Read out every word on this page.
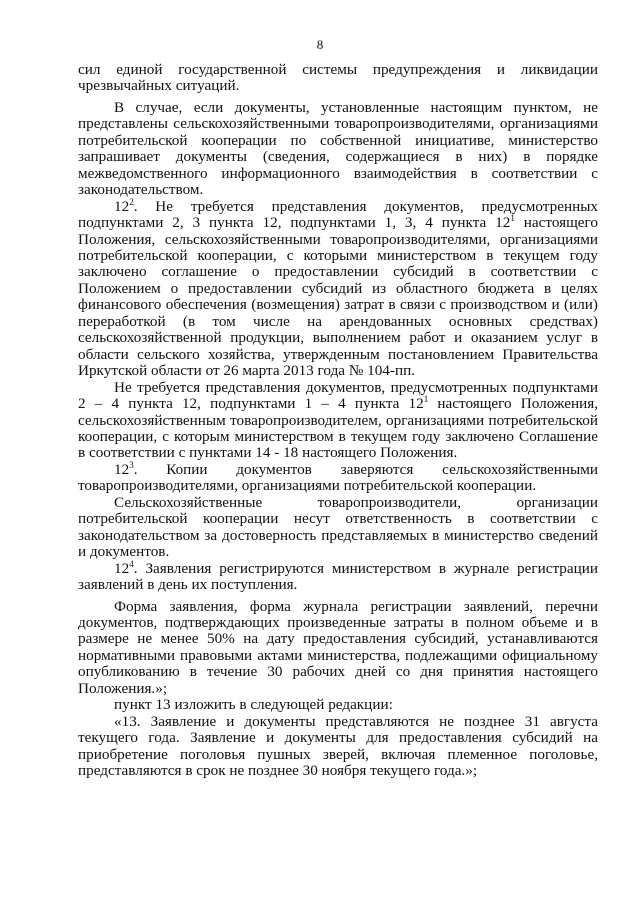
8

сил единой государственной системы предупреждения и ликвидации чрезвычайных ситуаций.

В случае, если документы, установленные настоящим пунктом, не представлены сельскохозяйственными товаропроизводителями, организациями потребительской кооперации по собственной инициативе, министерство запрашивает документы (сведения, содержащиеся в них) в порядке межведомственного информационного взаимодействия в соответствии с законодательством.

$12^2$. Не требуется представления документов, предусмотренных подпунктами 2, 3 пункта 12, подпунктами 1, 3, 4 пункта $12^1$ настоящего Положения, сельскохозяйственными товаропроизводителями, организациями потребительской кооперации, с которыми министерством в текущем году заключено соглашение о предоставлении субсидий в соответствии с Положением о предоставлении субсидий из областного бюджета в целях финансового обеспечения (возмещения) затрат в связи с производством и (или) переработкой (в том числе на арендованных основных средствах) сельскохозяйственной продукции, выполнением работ и оказанием услуг в области сельского хозяйства, утвержденным постановлением Правительства Иркутской области от 26 марта 2013 года № 104-пп.

Не требуется представления документов, предусмотренных подпунктами 2 – 4 пункта 12, подпунктами 1 – 4 пункта $12^1$ настоящего Положения, сельскохозяйственным товаропроизводителем, организациями потребительской кооперации, с которым министерством в текущем году заключено Соглашение в соответствии с пунктами 14 - 18 настоящего Положения.

$12^3$. Копии документов заверяются сельскохозяйственными товаропроизводителями, организациями потребительской кооперации.

Сельскохозяйственные товаропроизводители, организации потребительской кооперации несут ответственность в соответствии с законодательством за достоверность представляемых в министерство сведений и документов.

$12^4$. Заявления регистрируются министерством в журнале регистрации заявлений в день их поступления.

Форма заявления, форма журнала регистрации заявлений, перечни документов, подтверждающих произведенные затраты в полном объеме и в размере не менее 50% на дату предоставления субсидий, устанавливаются нормативными правовыми актами министерства, подлежащими официальному опубликованию в течение 30 рабочих дней со дня принятия настоящего Положения.»;

пункт 13 изложить в следующей редакции:

«13. Заявление и документы представляются не позднее 31 августа текущего года. Заявление и документы для предоставления субсидий на приобретение поголовья пушных зверей, включая племенное поголовье, представляются в срок не позднее 30 ноября текущего года.»;
